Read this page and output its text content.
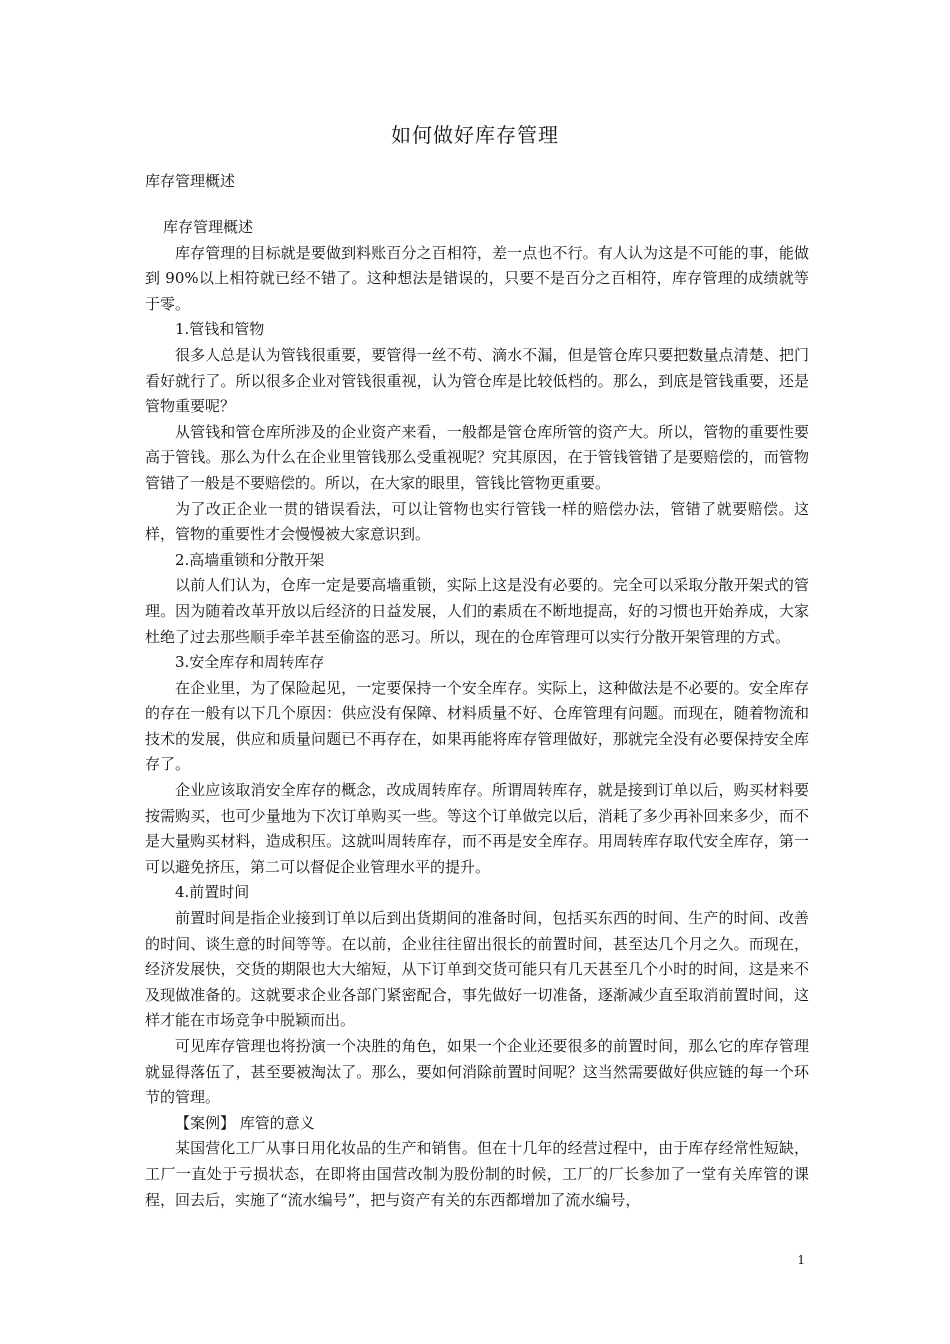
如何做好库存管理
库存管理概述

库存管理概述

库存管理的目标就是要做到料账百分之百相符，差一点也不行。有人认为这是不可能的事，能做到 90%以上相符就已经不错了。这种想法是错误的，只要不是百分之百相符，库存管理的成绩就等于零。

1.管钱和管物

很多人总是认为管钱很重要，要管得一丝不苟、滴水不漏，但是管仓库只要把数量点清楚、把门看好就行了。所以很多企业对管钱很重视，认为管仓库是比较低档的。那么，到底是管钱重要，还是管物重要呢？

从管钱和管仓库所涉及的企业资产来看，一般都是管仓库所管的资产大。所以，管物的重要性要高于管钱。那么为什么在企业里管钱那么受重视呢？究其原因，在于管钱管错了是要赔偿的，而管物管错了一般是不要赔偿的。所以，在大家的眼里，管钱比管物更重要。

为了改正企业一贯的错误看法，可以让管物也实行管钱一样的赔偿办法，管错了就要赔偿。这样，管物的重要性才会慢慢被大家意识到。

2.高墙重锁和分散开架

以前人们认为，仓库一定是要高墙重锁，实际上这是没有必要的。完全可以采取分散开架式的管理。因为随着改革开放以后经济的日益发展，人们的素质在不断地提高，好的习惯也开始养成，大家杜绝了过去那些顺手牵羊甚至偷盗的恶习。所以，现在的仓库管理可以实行分散开架管理的方式。

3.安全库存和周转库存

在企业里，为了保险起见，一定要保持一个安全库存。实际上，这种做法是不必要的。安全库存的存在一般有以下几个原因：供应没有保障、材料质量不好、仓库管理有问题。而现在，随着物流和技术的发展，供应和质量问题已不再存在，如果再能将库存管理做好，那就完全没有必要保持安全库存了。

企业应该取消安全库存的概念，改成周转库存。所谓周转库存，就是接到订单以后，购买材料要按需购买，也可少量地为下次订单购买一些。等这个订单做完以后，消耗了多少再补回来多少，而不是大量购买材料，造成积压。这就叫周转库存，而不再是安全库存。用周转库存取代安全库存，第一可以避免挤压，第二可以督促企业管理水平的提升。

4.前置时间

前置时间是指企业接到订单以后到出货期间的准备时间，包括买东西的时间、生产的时间、改善的时间、谈生意的时间等等。在以前，企业往往留出很长的前置时间，甚至达几个月之久。而现在，经济发展快，交货的期限也大大缩短，从下订单到交货可能只有几天甚至几个小时的时间，这是来不及现做准备的。这就要求企业各部门紧密配合，事先做好一切准备，逐渐减少直至取消前置时间，这样才能在市场竞争中脱颖而出。

可见库存管理也将扮演一个决胜的角色，如果一个企业还要很多的前置时间，那么它的库存管理就显得落伍了，甚至要被淘汰了。那么，要如何消除前置时间呢？这当然需要做好供应链的每一个环节的管理。

【案例】 库管的意义

某国营化工厂从事日用化妆品的生产和销售。但在十几年的经营过程中，由于库存经常性短缺，工厂一直处于亏损状态，在即将由国营改制为股份制的时候，工厂的厂长参加了一堂有关库管的课程，回去后，实施了“流水编号”，把与资产有关的东西都增加了流水编号，

1
